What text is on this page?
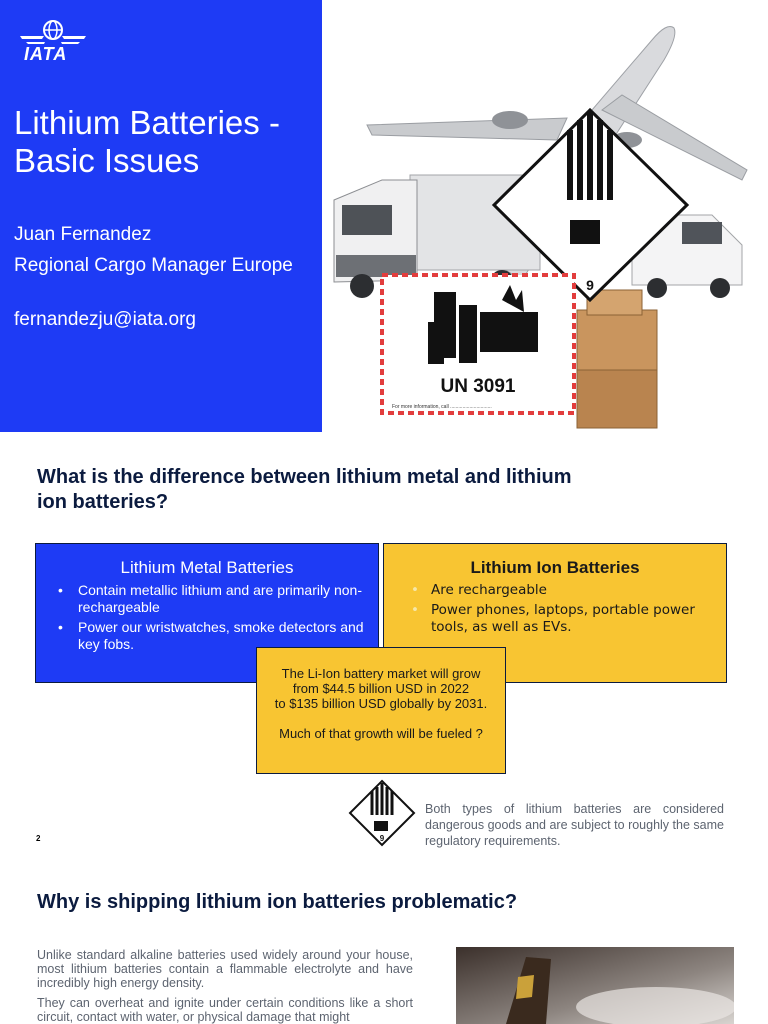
IATA
Lithium Batteries - Basic Issues
Juan Fernandez
Regional Cargo Manager Europe
fernandezju@iata.org
9
UN 3091
For more information, call ..............................
What is the difference between lithium metal and lithium ion batteries?
Lithium Metal Batteries
• Contain metallic lithium and are primarily non-rechargeable
• Power our wristwatches, smoke detectors and key fobs.
Lithium Ion Batteries
• Are rechargeable
• Power phones, laptops, portable power tools, as well as EVs.

The Li-Ion battery market will grow
from $44.5 billion USD in 2022
to $135 billion USD globally by 2031.

Much of that growth will be fueled ?

9
Both types of lithium batteries are considered dangerous goods and are subject to roughly the same regulatory requirements.
2
Why is shipping lithium ion batteries problematic?

Unlike standard alkaline batteries used widely around your house, most lithium batteries contain a flammable electrolyte and have incredibly high energy density.

They can overheat and ignite under certain conditions like a short circuit, contact with water, or physical damage that might
